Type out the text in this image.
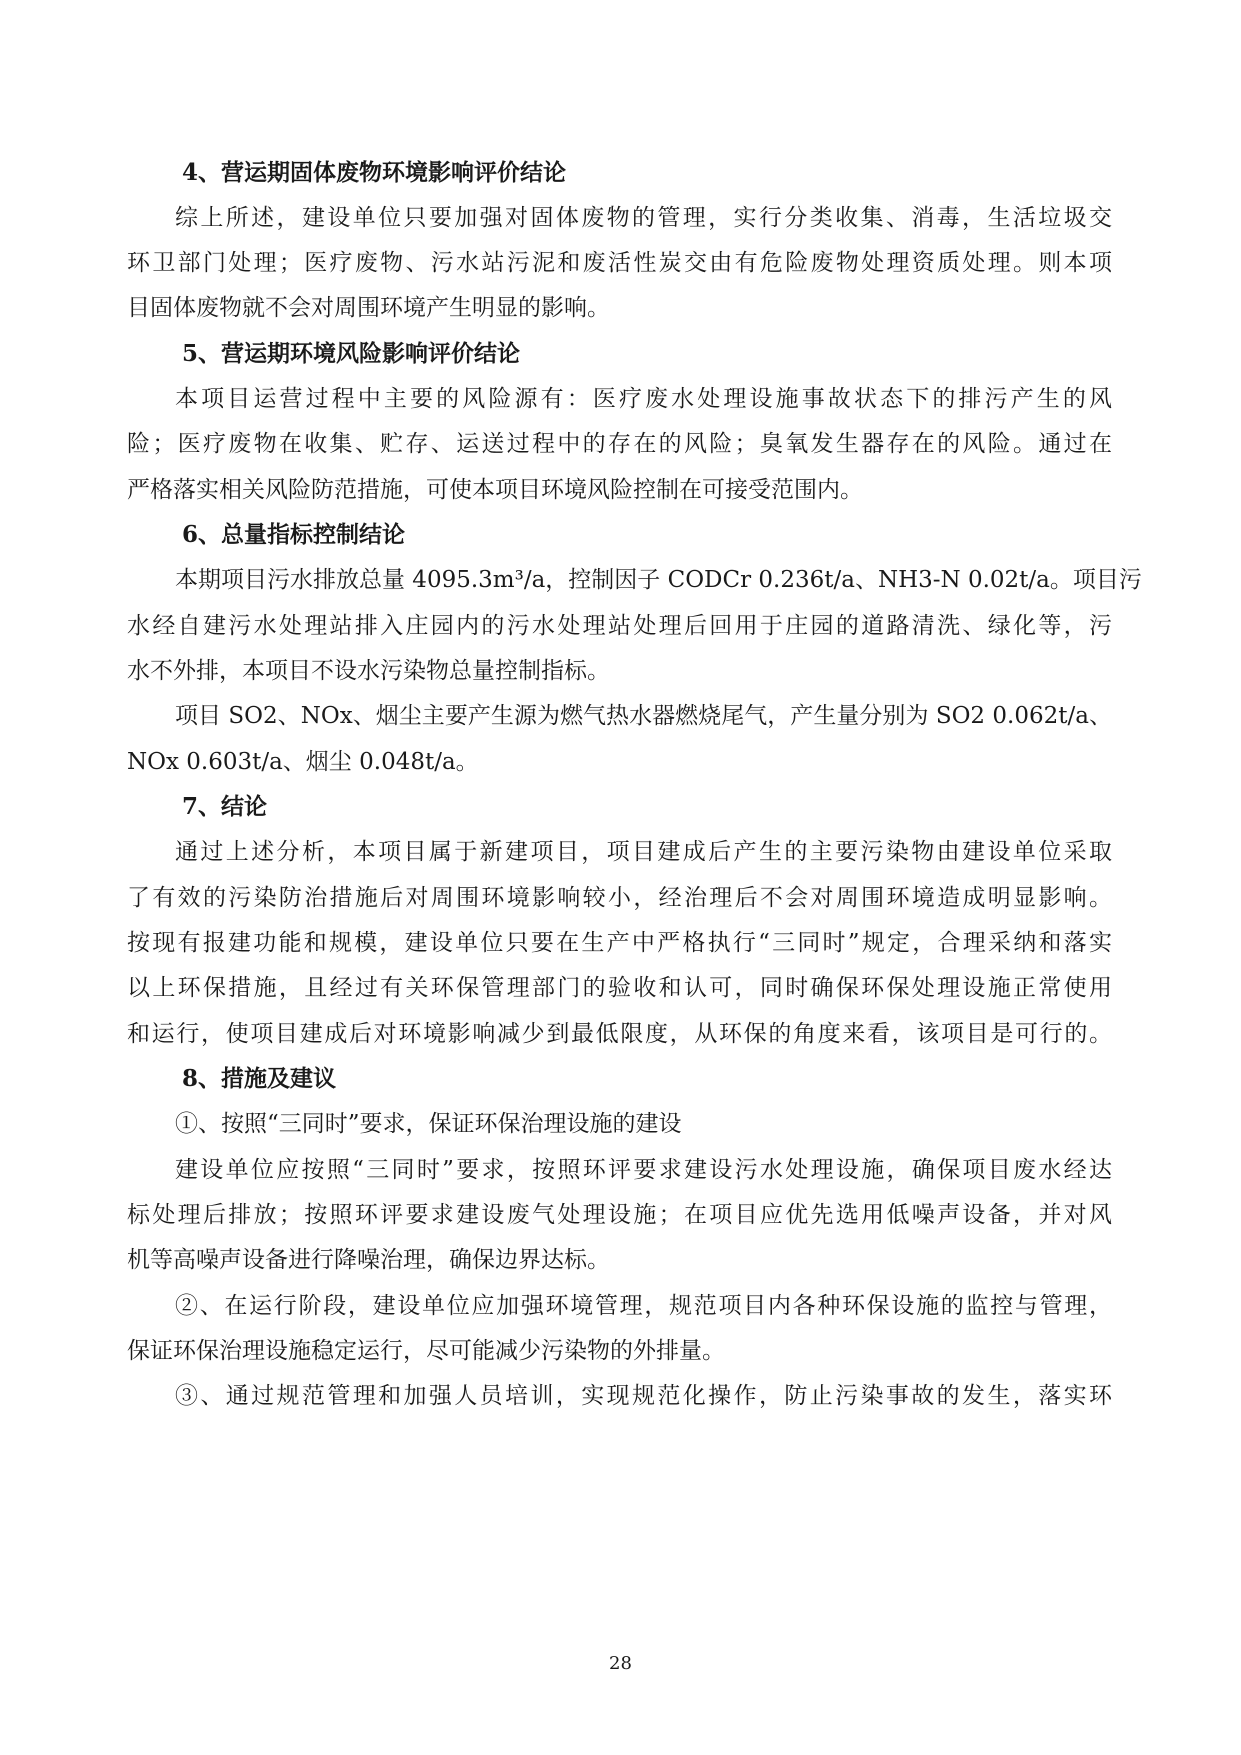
4、营运期固体废物环境影响评价结论
综上所述，建设单位只要加强对固体废物的管理，实行分类收集、消毒，生活垃圾交
环卫部门处理；医疗废物、污水站污泥和废活性炭交由有危险废物处理资质处理。则本项
目固体废物就不会对周围环境产生明显的影响。
5、营运期环境风险影响评价结论
本项目运营过程中主要的风险源有：医疗废水处理设施事故状态下的排污产生的风
险；医疗废物在收集、贮存、运送过程中的存在的风险；臭氧发生器存在的风险。通过在
严格落实相关风险防范措施，可使本项目环境风险控制在可接受范围内。
6、总量指标控制结论
本期项目污水排放总量 4095.3m³/a，控制因子 CODCr 0.236t/a、NH3-N 0.02t/a。项目污
水经自建污水处理站排入庄园内的污水处理站处理后回用于庄园的道路清洗、绿化等，污
水不外排，本项目不设水污染物总量控制指标。
项目 SO2、NOx、烟尘主要产生源为燃气热水器燃烧尾气，产生量分别为 SO2 0.062t/a、
NOx 0.603t/a、烟尘 0.048t/a。
7、结论
通过上述分析，本项目属于新建项目，项目建成后产生的主要污染物由建设单位采取
了有效的污染防治措施后对周围环境影响较小，经治理后不会对周围环境造成明显影响。
按现有报建功能和规模，建设单位只要在生产中严格执行“三同时”规定，合理采纳和落实
以上环保措施，且经过有关环保管理部门的验收和认可，同时确保环保处理设施正常使用
和运行，使项目建成后对环境影响减少到最低限度，从环保的角度来看，该项目是可行的。
8、措施及建议
①、按照“三同时”要求，保证环保治理设施的建设
建设单位应按照“三同时”要求，按照环评要求建设污水处理设施，确保项目废水经达
标处理后排放；按照环评要求建设废气处理设施；在项目应优先选用低噪声设备，并对风
机等高噪声设备进行降噪治理，确保边界达标。
②、在运行阶段，建设单位应加强环境管理，规范项目内各种环保设施的监控与管理，
保证环保治理设施稳定运行，尽可能减少污染物的外排量。
③、通过规范管理和加强人员培训，实现规范化操作，防止污染事故的发生，落实环
28
